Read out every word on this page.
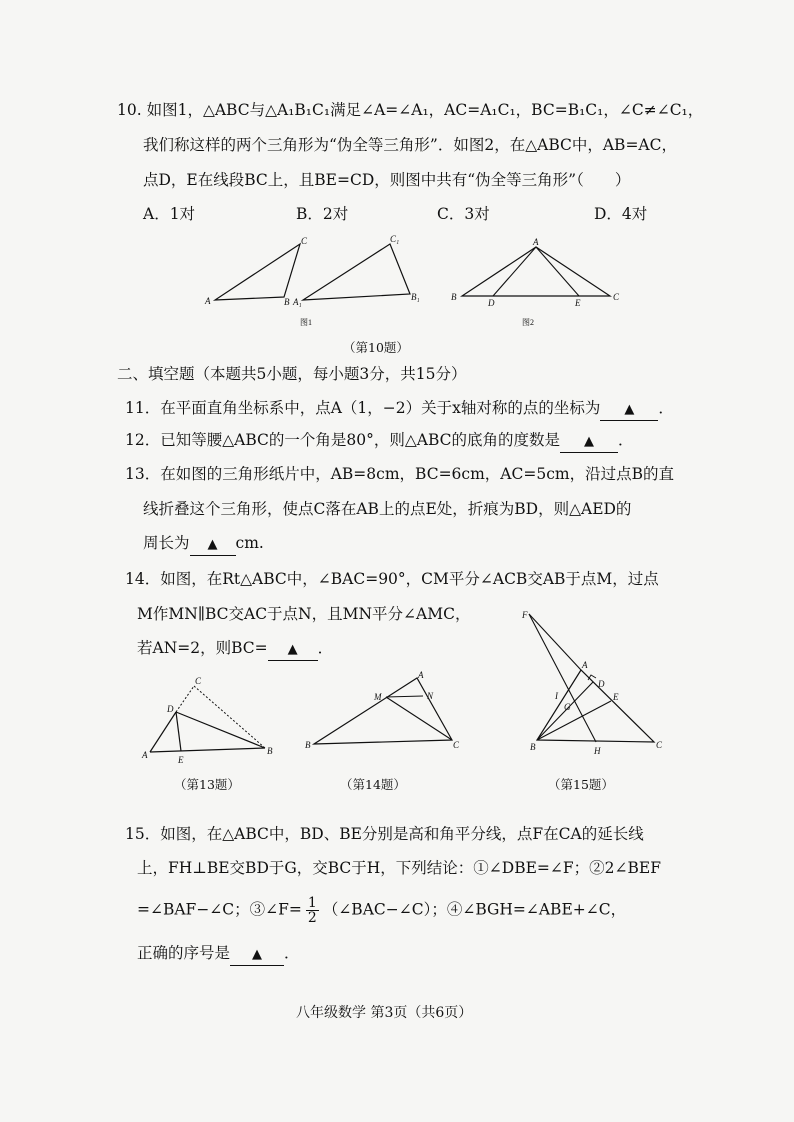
10. 如图1，△ABC与△A₁B₁C₁满足∠A=∠A₁，AC=A₁C₁，BC=B₁C₁，∠C≠∠C₁，
我们称这样的两个三角形为“伪全等三角形”．如图2，在△ABC中，AB=AC，
点D，E在线段BC上，且BE=CD，则图中共有“伪全等三角形”（　　）
A．1对	B．2对	C．3对	D．4对
A	B
C
A₁	B₁
C₁
图1
A
B	C
D	E
图2
（第10题）
二、填空题（本题共5小题，每小题3分，共15分）
11．在平面直角坐标系中，点A（1，−2）关于x轴对称的点的坐标为 ▲ ．
12．已知等腰△ABC的一个角是80°，则△ABC的底角的度数是 ▲ ．
13．在如图的三角形纸片中，AB=8cm，BC=6cm，AC=5cm，沿过点B的直
线折叠这个三角形，使点C落在AB上的点E处，折痕为BD，则△AED的
周长为 ▲ cm.
14．如图，在Rt△ABC中，∠BAC=90°，CM平分∠ACB交AB于点M，过点
M作MN∥BC交AC于点N，且MN平分∠AMC，
若AN=2，则BC= ▲ ．
A	B
C
D
E
（第13题）
A
B	C
M	N
（第14题）
F
A
D
E
I
G
B	C
H
（第15题）
15．如图，在△ABC中，BD、BE分别是高和角平分线，点F在CA的延长线
上，FH⊥BE交BD于G，交BC于H，下列结论：①∠DBE=∠F；②2∠BEF
=∠BAF−∠C；③∠F= $\frac{1}{2}$ （∠BAC−∠C）；④∠BGH=∠ABE+∠C，
正确的序号是 ▲ ．
八年级数学 第3页（共6页）
